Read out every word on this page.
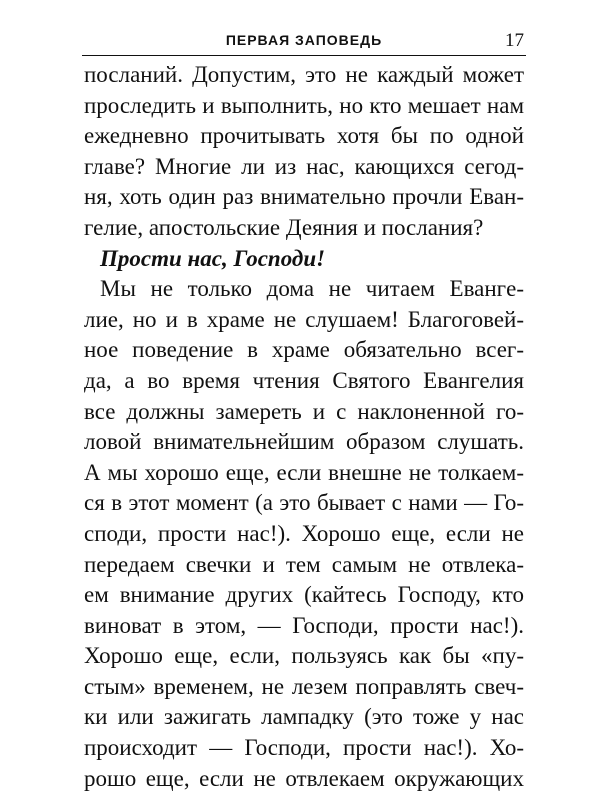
ПЕРВАЯ ЗАПОВЕДЬ	17
посланий. Допустим, это не каждый может
проследить и выполнить, но кто мешает нам
ежедневно прочитывать хотя бы по одной
главе? Многие ли из нас, кающихся сегод-
ня, хоть один раз внимательно прочли Еван-
гелие, апостольские Деяния и послания?
Прости нас, Господи!
Мы не только дома не читаем Евангe-
лие, но и в храме не слушаем! Благоговей-
ное поведение в храме обязательно всег-
да, а во время чтения Святого Евангелия
все должны замереть и с наклоненной го-
ловой внимательнейшим образом слушать.
А мы хорошо еще, если внешне не толкаем-
ся в этот момент (а это бывает с нами — Го-
споди, прости нас!). Хорошо еще, если не
передаем свечки и тем самым не отвлека-
ем внимание других (кайтесь Господу, кто
виноват в этом, — Господи, прости нас!).
Хорошо еще, если, пользуясь как бы «пу-
стым» временем, не лезем поправлять свеч-
ки или зажигать лампадку (это тоже у нас
происходит — Господи, прости нас!). Хо-
рошо еще, если не отвлекаем окружающих
